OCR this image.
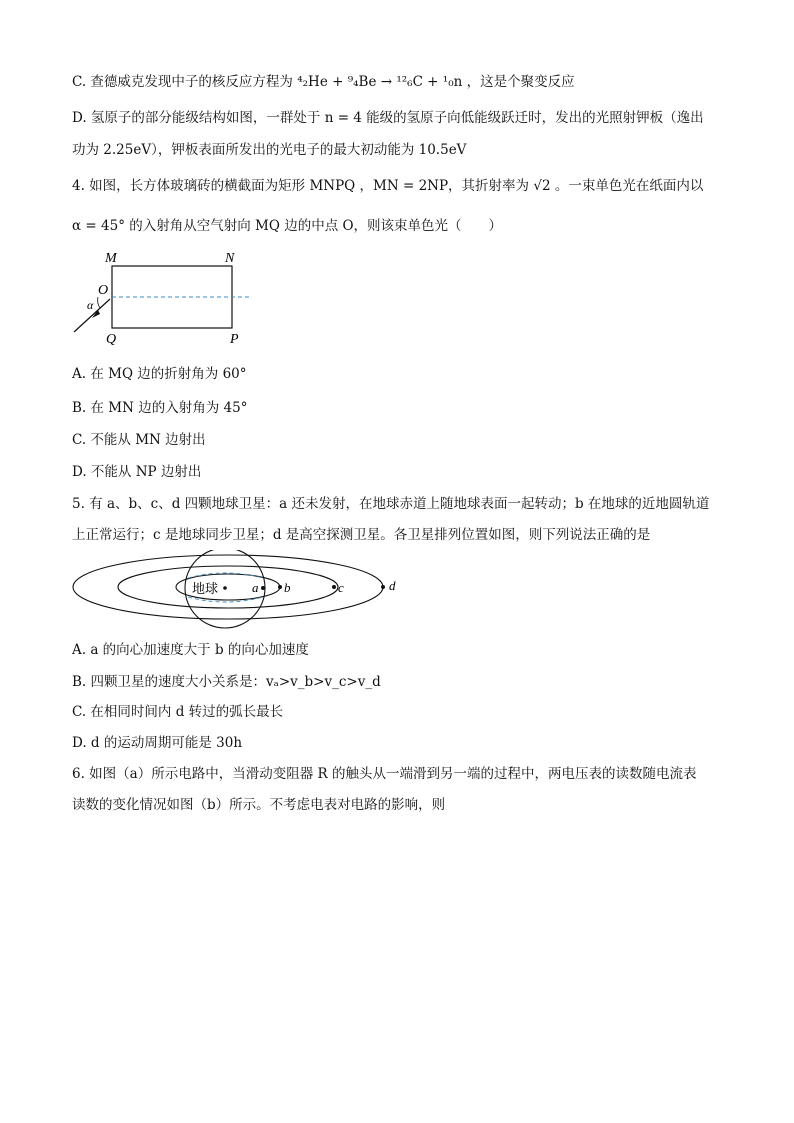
C. 查德威克发现中子的核反应方程为 ⁴₂He + ⁹₄Be → ¹²₆C + ¹₀n ，这是个聚变反应
D. 氢原子的部分能级结构如图，一群处于 n = 4 能级的氢原子向低能级跃迁时，发出的光照射钾板（逸出
功为 2.25eV），钾板表面所发出的光电子的最大初动能为 10.5eV
4. 如图，长方体玻璃砖的横截面为矩形 MNPQ ，MN = 2NP，其折射率为 √2 。一束单色光在纸面内以
α = 45° 的入射角从空气射向 MQ 边的中点 O，则该束单色光（　　）
M	N
O
Q	P
α
A. 在 MQ 边的折射角为 60°
B. 在 MN 边的入射角为 45°
C. 不能从 MN 边射出
D. 不能从 NP 边射出
5. 有 a、b、c、d 四颗地球卫星：a 还未发射，在地球赤道上随地球表面一起转动；b 在地球的近地圆轨道
上正常运行；c 是地球同步卫星；d 是高空探测卫星。各卫星排列位置如图，则下列说法正确的是
地球	a b	c	d
A. a 的向心加速度大于 b 的向心加速度
B. 四颗卫星的速度大小关系是：vₐ>v_b>v_c>v_d
C. 在相同时间内 d 转过的弧长最长
D. d 的运动周期可能是 30h
6. 如图（a）所示电路中，当滑动变阻器 R 的触头从一端滑到另一端的过程中，两电压表的读数随电流表
读数的变化情况如图（b）所示。不考虑电表对电路的影响，则
